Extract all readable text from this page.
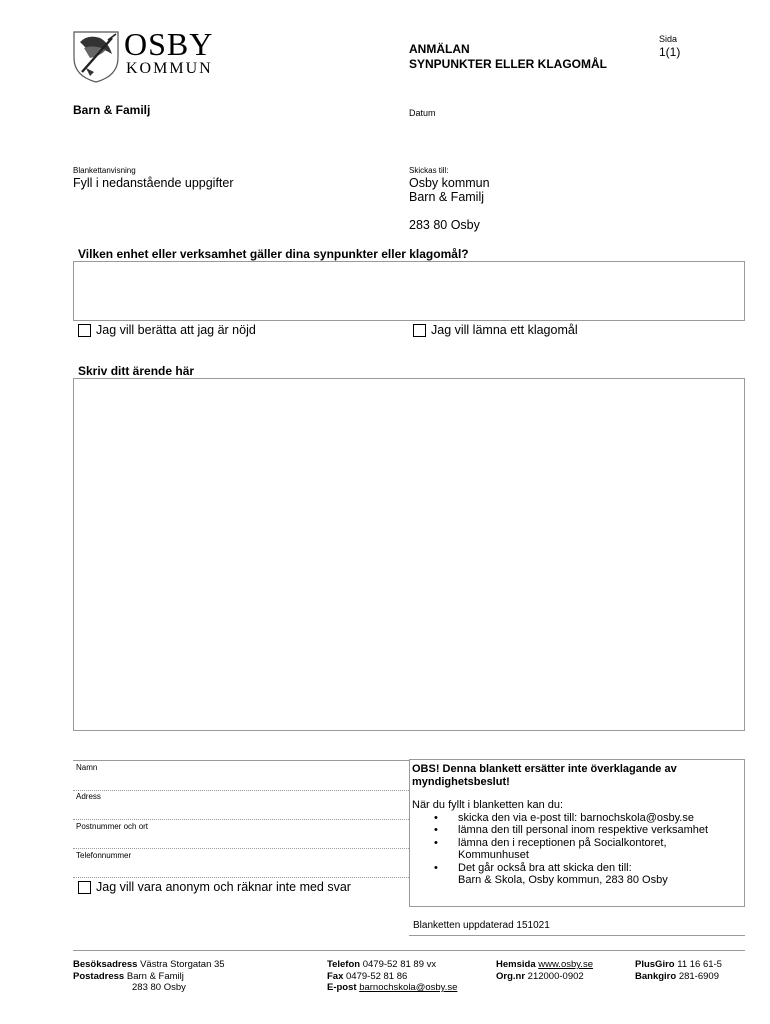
OSBY
KOMMUN
ANMÄLAN
SYNPUNKTER ELLER KLAGOMÅL
Sida
1(1)
Barn & Familj	Datum
Blankettanvisning
Fyll i nedanstående uppgifter
Skickas till:
Osby kommun
Barn & Familj
283 80 Osby
Vilken enhet eller verksamhet gäller dina synpunkter eller klagomål?
Jag vill berätta att jag är nöjd	Jag vill lämna ett klagomål
Skriv ditt ärende här
Namn
Adress
Postnummer och ort
Telefonnummer
Jag vill vara anonym och räknar inte med svar
OBS! Denna blankett ersätter inte överklagande av
myndighetsbeslut!
När du fyllt i blanketten kan du:
• skicka den via e-post till: barnochskola@osby.se
• lämna den till personal inom respektive verksamhet
• lämna den i receptionen på Socialkontoret,
Kommunhuset
• Det går också bra att skicka den till:
Barn & Skola, Osby kommun, 283 80 Osby
Blanketten uppdaterad 151021
Besöksadress Västra Storgatan 35
Postadress Barn & Familj
283 80 Osby
Telefon 0479-52 81 89 vx
Fax 0479-52 81 86
E-post barnochskola@osby.se
Hemsida www.osby.se
Org.nr 212000-0902
PlusGiro 11 16 61-5
Bankgiro 281-6909
